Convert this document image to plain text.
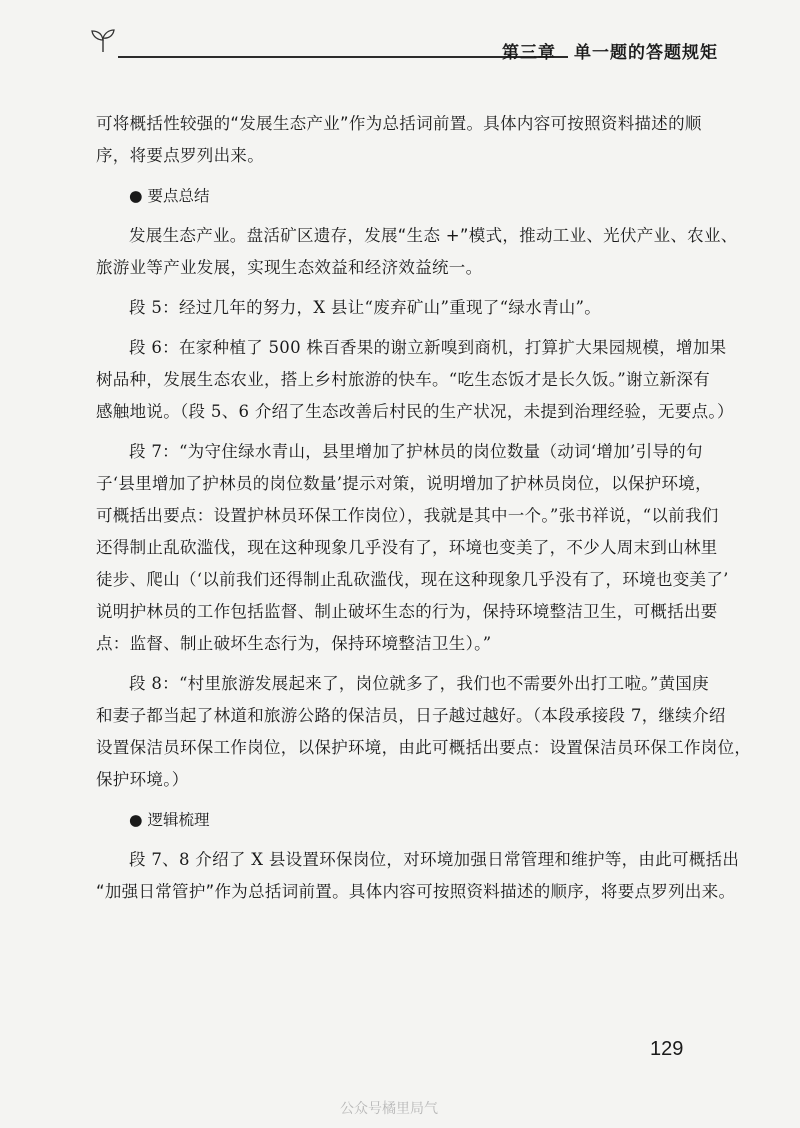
第三章 单一题的答题规矩
可将概括性较强的“发展生态产业”作为总括词前置。具体内容可按照资料描述的顺
序，将要点罗列出来。
● 要点总结
发展生态产业。盘活矿区遗存，发展“生态 +”模式，推动工业、光伏产业、农业、
旅游业等产业发展，实现生态效益和经济效益统一。
段 5：经过几年的努力，X 县让“废弃矿山”重现了“绿水青山”。
段 6：在家种植了 500 株百香果的谢立新嗅到商机，打算扩大果园规模，增加果
树品种，发展生态农业，搭上乡村旅游的快车。“吃生态饭才是长久饭。”谢立新深有
感触地说。（段 5、6 介绍了生态改善后村民的生产状况，未提到治理经验，无要点。）
段 7：“为守住绿水青山，县里增加了护林员的岗位数量（动词‘增加’引导的句
子‘县里增加了护林员的岗位数量’提示对策，说明增加了护林员岗位，以保护环境，
可概括出要点：设置护林员环保工作岗位），我就是其中一个。”张书祥说，“以前我们
还得制止乱砍滥伐，现在这种现象几乎没有了，环境也变美了，不少人周末到山林里
徒步、爬山（‘以前我们还得制止乱砍滥伐，现在这种现象几乎没有了，环境也变美了’
说明护林员的工作包括监督、制止破坏生态的行为，保持环境整洁卫生，可概括出要
点：监督、制止破坏生态行为，保持环境整洁卫生）。”
段 8：“村里旅游发展起来了，岗位就多了，我们也不需要外出打工啦。”黄国庚
和妻子都当起了林道和旅游公路的保洁员，日子越过越好。（本段承接段 7，继续介绍
设置保洁员环保工作岗位，以保护环境，由此可概括出要点：设置保洁员环保工作岗位，
保护环境。）
● 逻辑梳理
段 7、8 介绍了 X 县设置环保岗位，对环境加强日常管理和维护等，由此可概括出
“加强日常管护”作为总括词前置。具体内容可按照资料描述的顺序，将要点罗列出来。
129
公众号橘里局气
